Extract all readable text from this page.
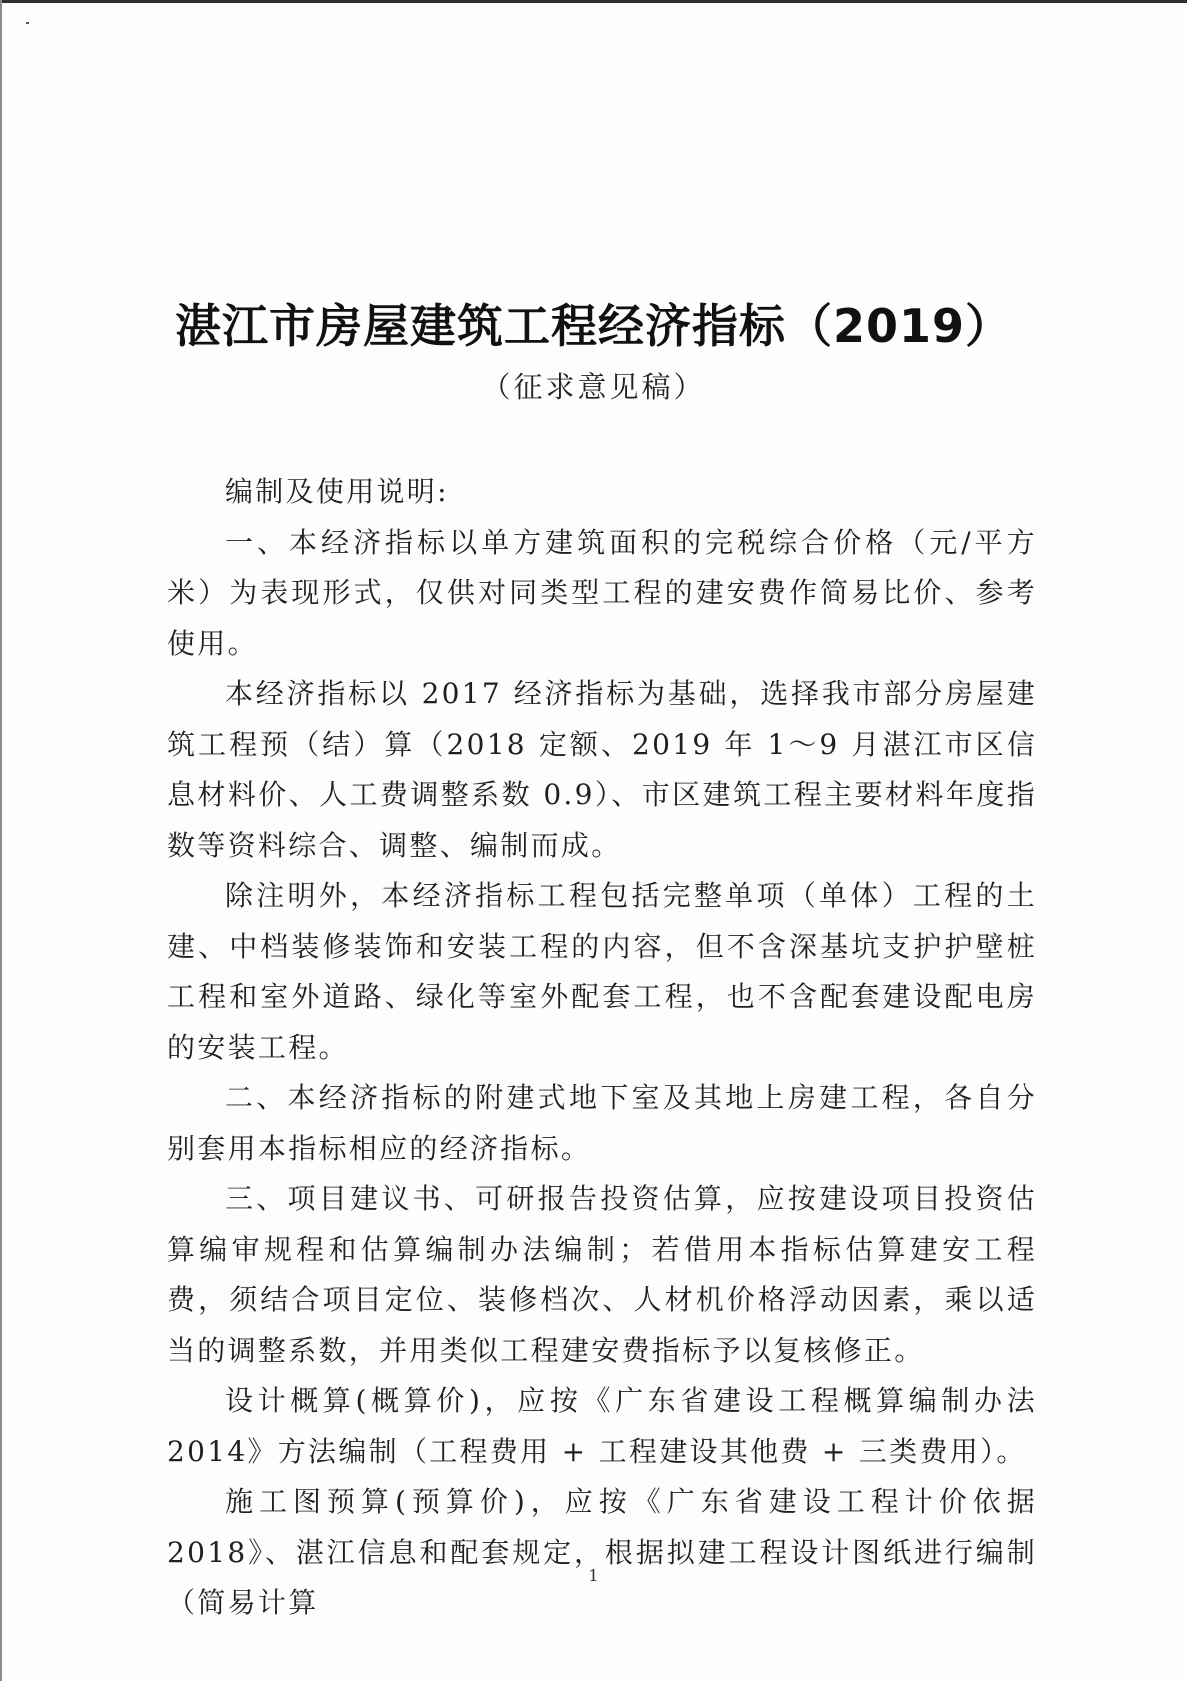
湛江市房屋建筑工程经济指标（2019）
（征求意见稿）

编制及使用说明:

一、本经济指标以单方建筑面积的完税综合价格（元/平方米）为表现形式，仅供对同类型工程的建安费作简易比价、参考使用。

本经济指标以 2017 经济指标为基础，选择我市部分房屋建筑工程预（结）算（2018 定额、2019 年 1～9 月湛江市区信息材料价、人工费调整系数 0.9）、市区建筑工程主要材料年度指数等资料综合、调整、编制而成。

除注明外，本经济指标工程包括完整单项（单体）工程的土建、中档装修装饰和安装工程的内容，但不含深基坑支护护壁桩工程和室外道路、绿化等室外配套工程，也不含配套建设配电房的安装工程。

二、本经济指标的附建式地下室及其地上房建工程，各自分别套用本指标相应的经济指标。

三、项目建议书、可研报告投资估算，应按建设项目投资估算编审规程和估算编制办法编制；若借用本指标估算建安工程费，须结合项目定位、装修档次、人材机价格浮动因素，乘以适当的调整系数，并用类似工程建安费指标予以复核修正。

设计概算(概算价)，应按《广东省建设工程概算编制办法 2014》方法编制（工程费用 + 工程建设其他费 + 三类费用）。

施工图预算(预算价)，应按《广东省建设工程计价依据 2018》、湛江信息和配套规定，根据拟建工程设计图纸进行编制（简易计算

1
